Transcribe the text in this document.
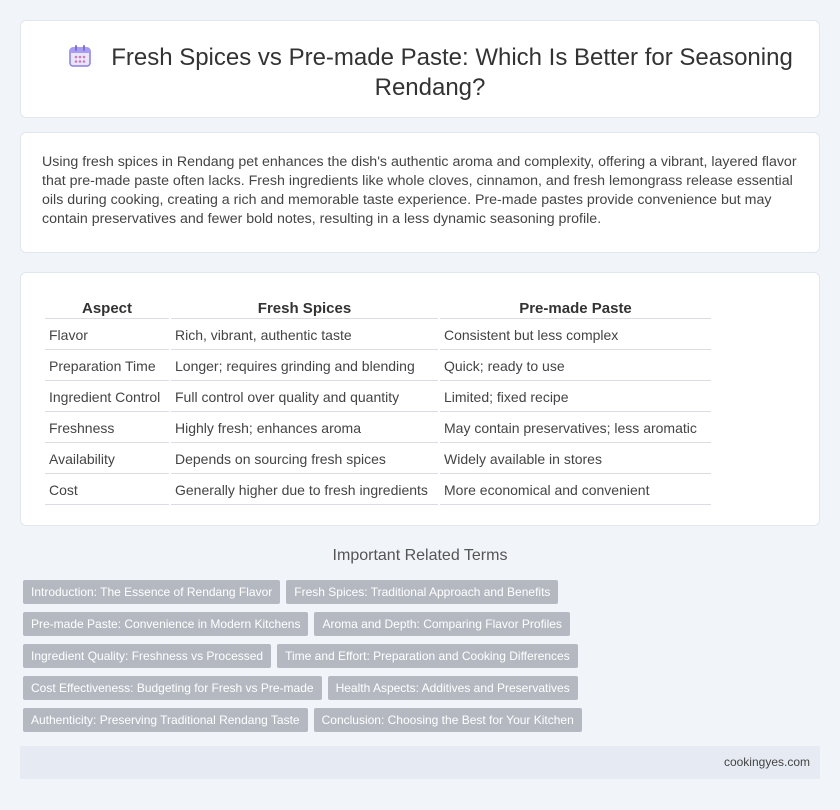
Fresh Spices vs Pre-made Paste: Which Is Better for Seasoning Rendang?

Using fresh spices in Rendang pet enhances the dish's authentic aroma and complexity, offering a vibrant, layered flavor that pre-made paste often lacks. Fresh ingredients like whole cloves, cinnamon, and fresh lemongrass release essential oils during cooking, creating a rich and memorable taste experience. Pre-made pastes provide convenience but may contain preservatives and fewer bold notes, resulting in a less dynamic seasoning profile.

Aspect	Fresh Spices	Pre-made Paste
Flavor	Rich, vibrant, authentic taste	Consistent but less complex
Preparation Time	Longer; requires grinding and blending	Quick; ready to use
Ingredient Control	Full control over quality and quantity	Limited; fixed recipe
Freshness	Highly fresh; enhances aroma	May contain preservatives; less aromatic
Availability	Depends on sourcing fresh spices	Widely available in stores
Cost	Generally higher due to fresh ingredients	More economical and convenient
Important Related Terms
Introduction: The Essence of Rendang Flavor	Fresh Spices: Traditional Approach and Benefits
Pre-made Paste: Convenience in Modern Kitchens	Aroma and Depth: Comparing Flavor Profiles
Ingredient Quality: Freshness vs Processed	Time and Effort: Preparation and Cooking Differences
Cost Effectiveness: Budgeting for Fresh vs Pre-made	Health Aspects: Additives and Preservatives
Authenticity: Preserving Traditional Rendang Taste	Conclusion: Choosing the Best for Your Kitchen
cookingyes.com
